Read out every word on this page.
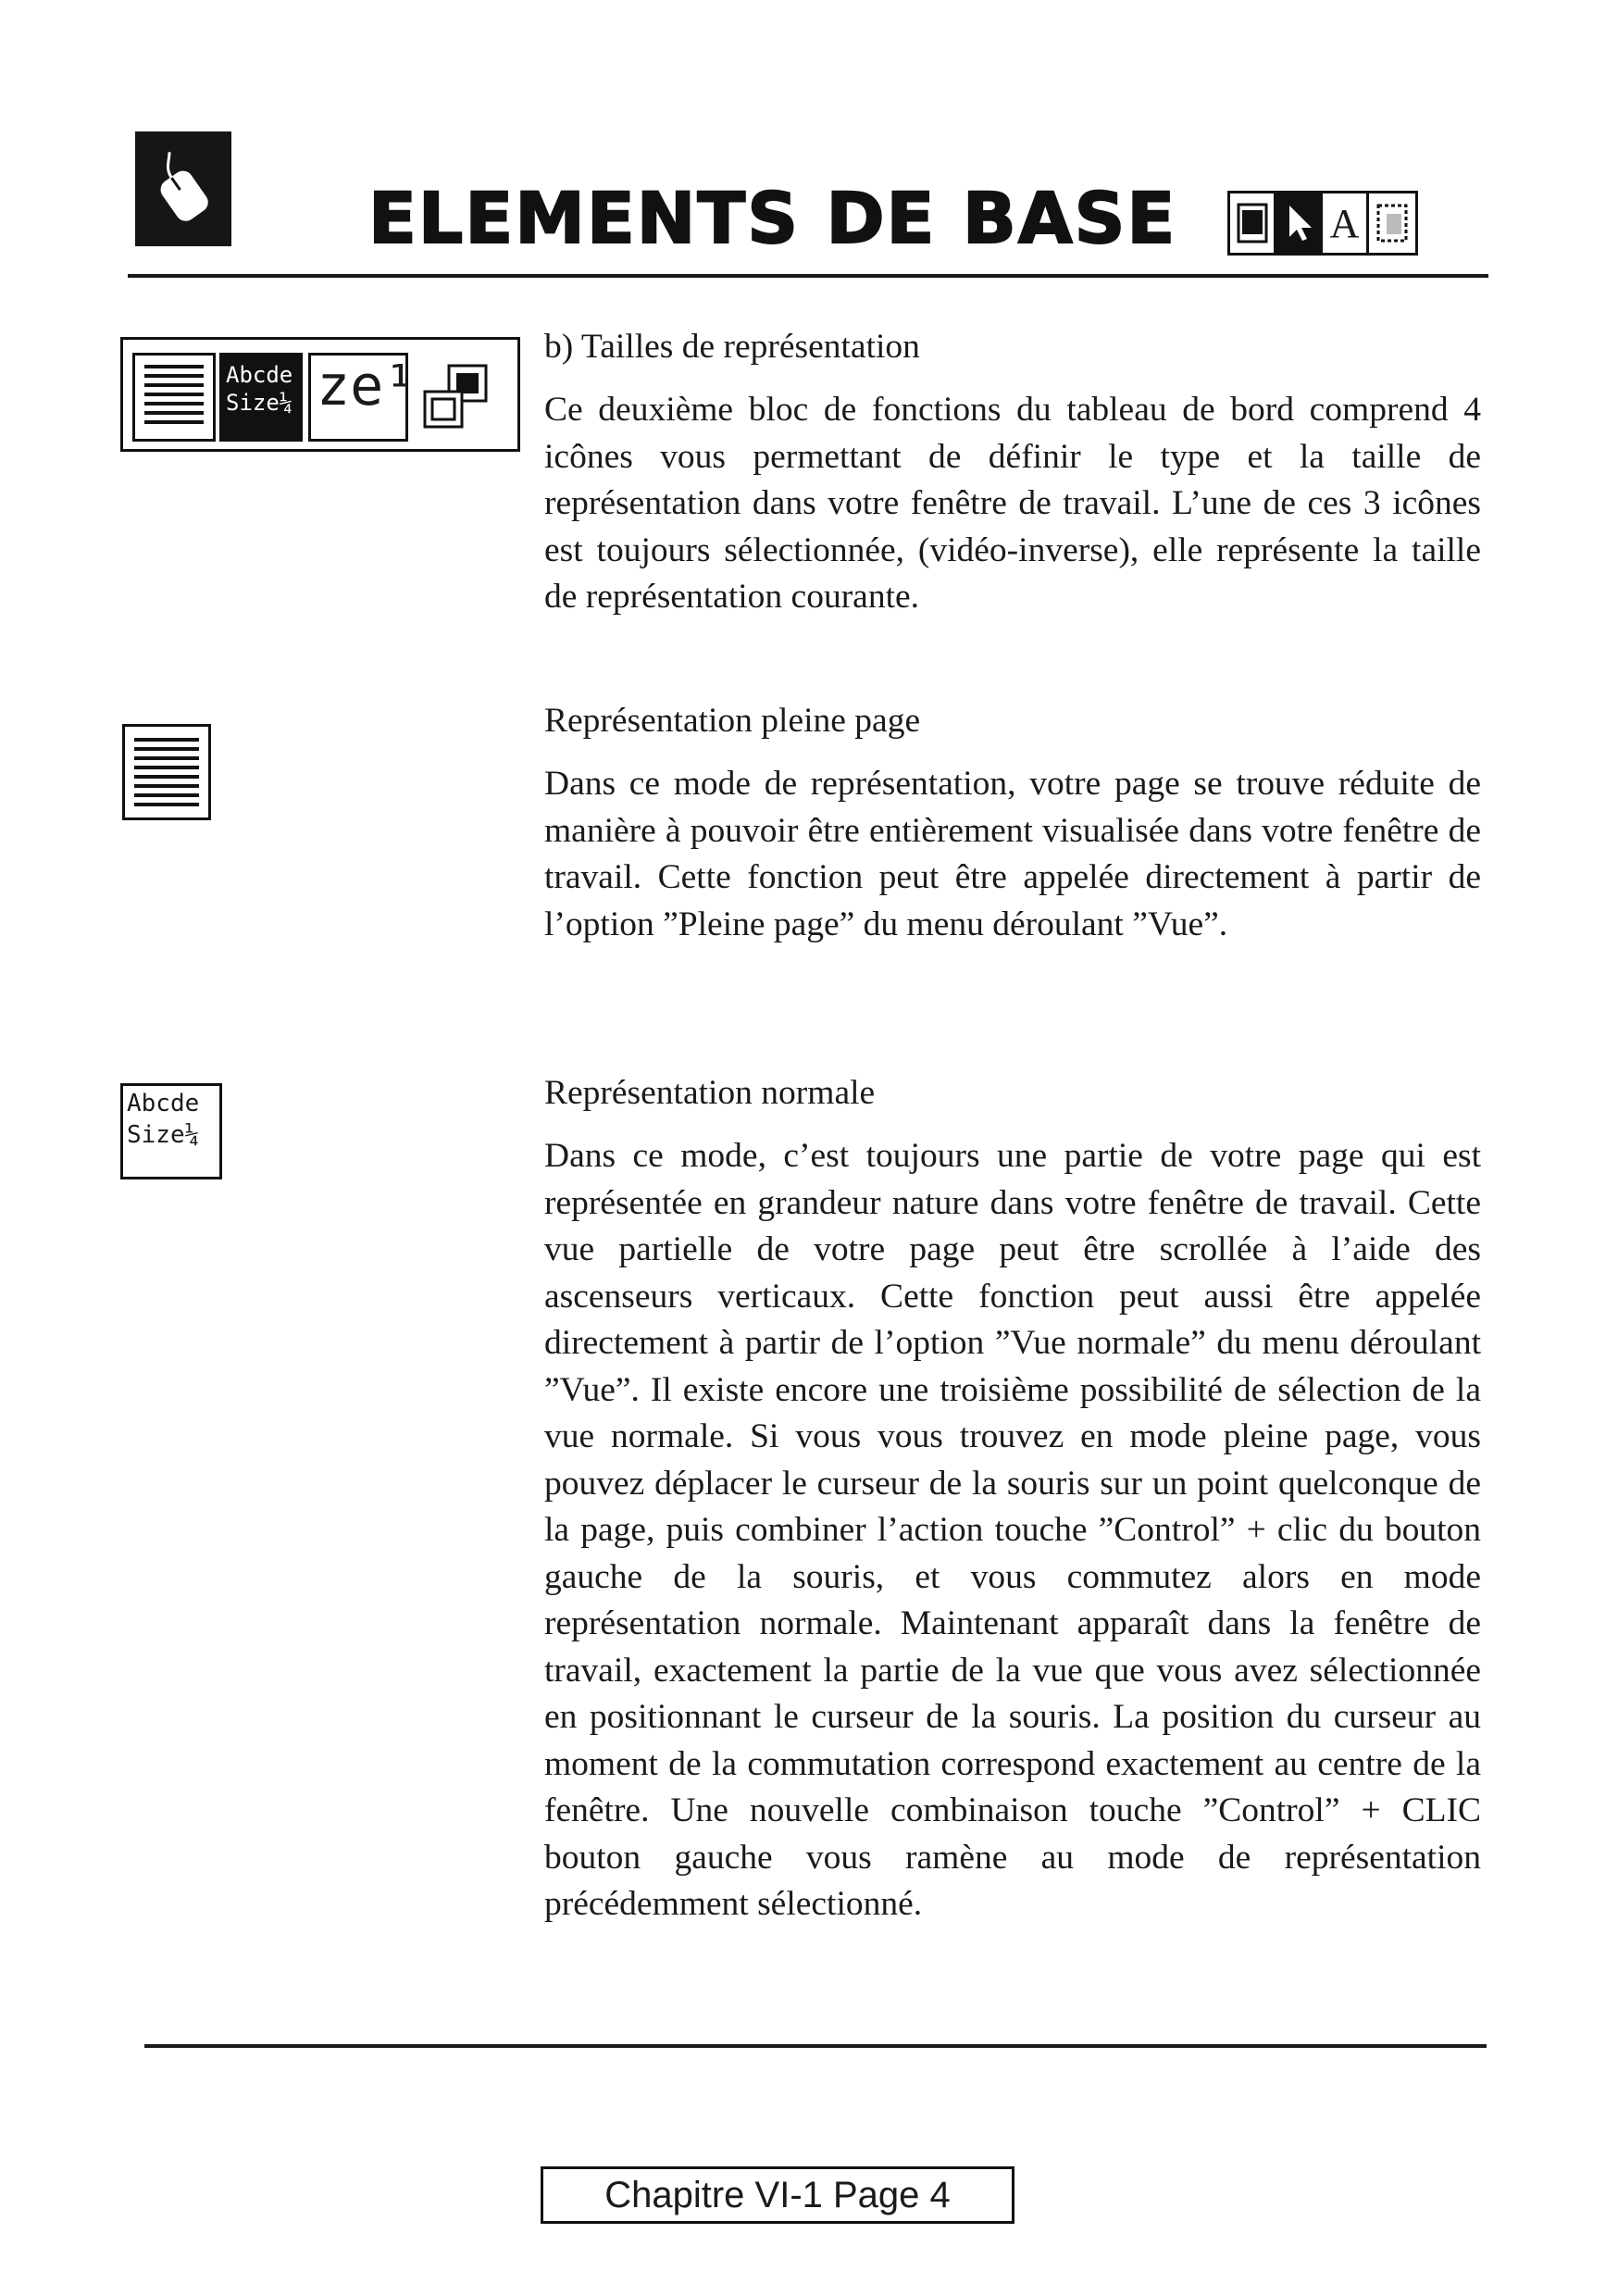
ELEMENTS DE BASE	A
Abcde
Size¼ ze¹
b) Tailles de représentation
Ce deuxième bloc de fonctions du tableau de bord comprend 4 icônes vous permettant de définir le type et la taille de représentation dans votre fenêtre de travail. L’une de ces 3 icônes est toujours sélectionnée, (vidéo-inverse), elle représente la taille de représentation courante.
Représentation pleine page
Dans ce mode de représentation, votre page se trouve réduite de manière à pouvoir être entièrement visualisée dans votre fenêtre de travail. Cette fonction peut être appelée directement à partir de l’option ”Pleine page” du menu déroulant ”Vue”.
Abcde
Size¼
Représentation normale
Dans ce mode, c’est toujours une partie de votre page qui est représentée en grandeur nature dans votre fenêtre de travail. Cette vue partielle de votre page peut être scrollée à l’aide des ascenseurs verticaux. Cette fonction peut aussi être appelée directement à partir de l’option ”Vue normale” du menu déroulant ”Vue”. Il existe encore une troisième possibilité de sélection de la vue normale. Si vous vous trouvez en mode pleine page, vous pouvez déplacer le curseur de la souris sur un point quelconque de la page, puis combiner l’action touche ”Control” + clic du bouton gauche de la souris, et vous commutez alors en mode représentation normale. Maintenant apparaît dans la fenêtre de travail, exactement la partie de la vue que vous avez sélectionnée en positionnant le curseur de la souris. La position du curseur au moment de la commutation correspond exactement au centre de la fenêtre. Une nouvelle combinaison touche ”Control” + CLIC bouton gauche vous ramène au mode de représentation précédemment sélectionné.
Chapitre VI-1 Page 4
